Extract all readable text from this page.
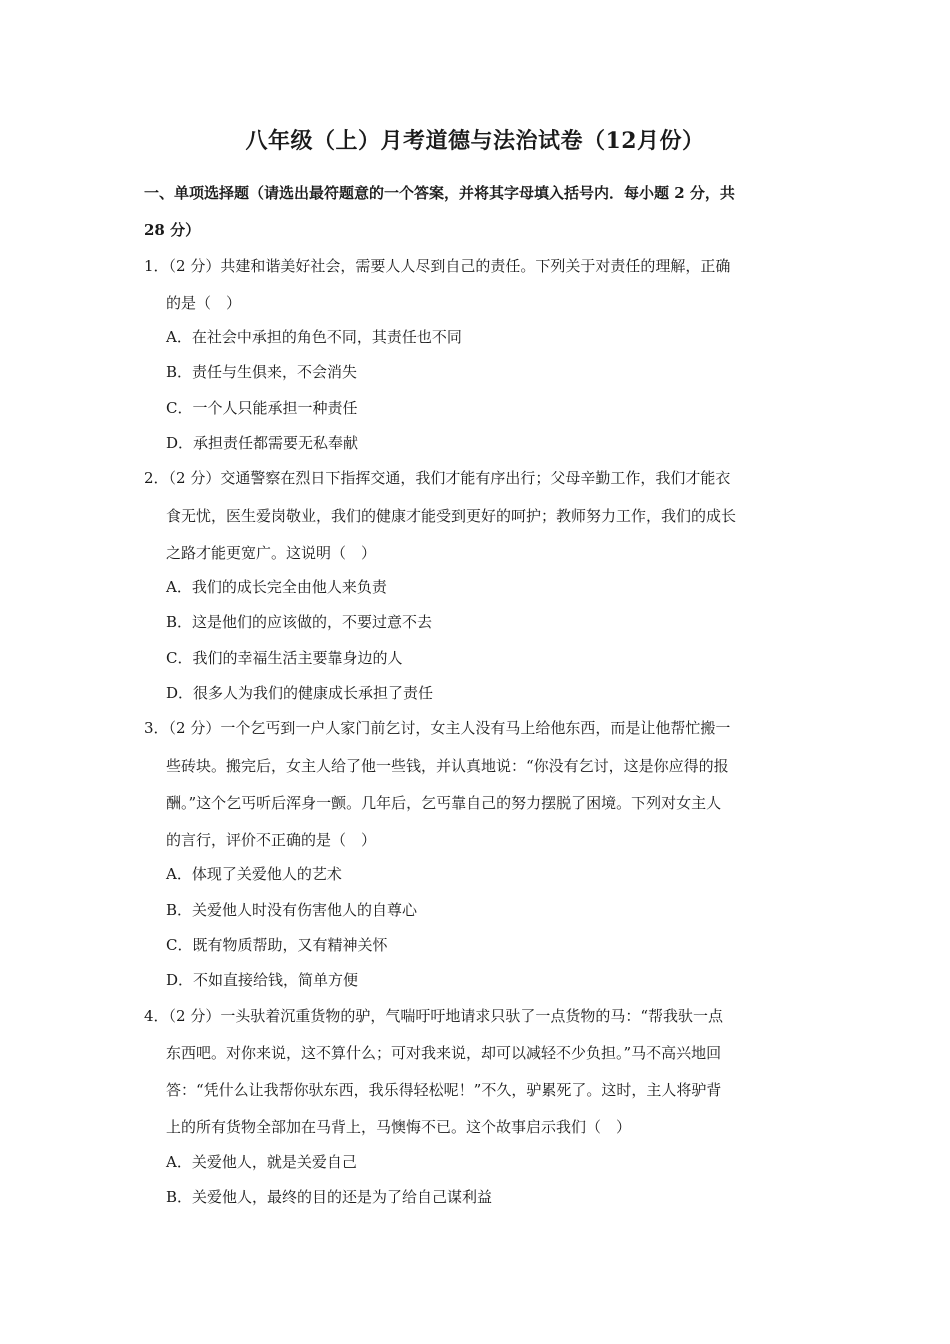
八年级（上）月考道德与法治试卷（12月份）
一、单项选择题（请选出最符题意的一个答案，并将其字母填入括号内．每小题 2 分，共
28 分）
1．（2 分）共建和谐美好社会，需要人人尽到自己的责任。下列关于对责任的理解，正确
的是（　）
A．在社会中承担的角色不同，其责任也不同
B．责任与生俱来，不会消失
C．一个人只能承担一种责任
D．承担责任都需要无私奉献
2．（2 分）交通警察在烈日下指挥交通，我们才能有序出行；父母辛勤工作，我们才能衣
食无忧，医生爱岗敬业，我们的健康才能受到更好的呵护；教师努力工作，我们的成长
之路才能更宽广。这说明（　）
A．我们的成长完全由他人来负责
B．这是他们的应该做的，不要过意不去
C．我们的幸福生活主要靠身边的人
D．很多人为我们的健康成长承担了责任
3．（2 分）一个乞丐到一户人家门前乞讨，女主人没有马上给他东西，而是让他帮忙搬一
些砖块。搬完后，女主人给了他一些钱，并认真地说：“你没有乞讨，这是你应得的报
酬。”这个乞丐听后浑身一颤。几年后，乞丐靠自己的努力摆脱了困境。下列对女主人
的言行，评价不正确的是（　）
A．体现了关爱他人的艺术
B．关爱他人时没有伤害他人的自尊心
C．既有物质帮助，又有精神关怀
D．不如直接给钱，简单方便
4．（2 分）一头驮着沉重货物的驴，气喘吁吁地请求只驮了一点货物的马：“帮我驮一点
东西吧。对你来说，这不算什么；可对我来说，却可以减轻不少负担。”马不高兴地回
答：“凭什么让我帮你驮东西，我乐得轻松呢！”不久，驴累死了。这时，主人将驴背
上的所有货物全部加在马背上，马懊悔不已。这个故事启示我们（　）
A．关爱他人，就是关爱自己
B．关爱他人，最终的目的还是为了给自己谋利益
